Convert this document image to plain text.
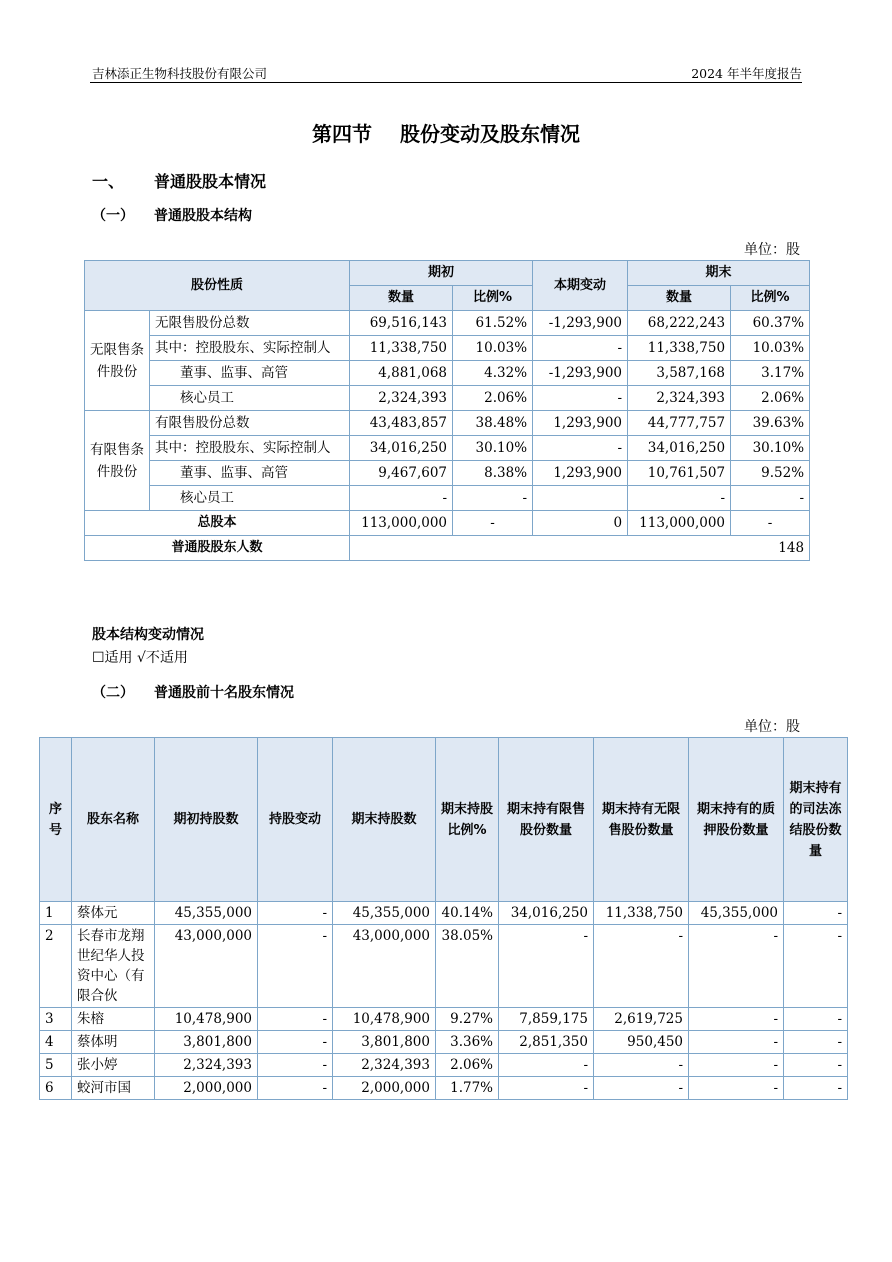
吉林添正生物科技股份有限公司	2024 年半年度报告
第四节 股份变动及股东情况
一、 普通股股本情况
（一） 普通股股本结构
单位：股
股份性质		期初		本期变动	期末	
		数量	比例%		数量	比例%
无限售条件股份	无限售股份总数	69,516,143	61.52%	-1,293,900	68,222,243	60.37%
	其中：控股股东、实际控制人	11,338,750	10.03%	-	11,338,750	10.03%
	董事、监事、高管	4,881,068	4.32%	-1,293,900	3,587,168	3.17%
	核心员工	2,324,393	2.06%	-	2,324,393	2.06%
有限售条件股份	有限售股份总数	43,483,857	38.48%	1,293,900	44,777,757	39.63%
	其中：控股股东、实际控制人	34,016,250	30.10%	-	34,016,250	30.10%
	董事、监事、高管	9,467,607	8.38%	1,293,900	10,761,507	9.52%
	核心员工	-	-		-	-
总股本		113,000,000	-	0	113,000,000	-
普通股股东人数		148				
股本结构变动情况
☐适用 √不适用
（二） 普通股前十名股东情况
单位：股
序号	股东名称	期初持股数	持股变动	期末持股数	期末持股比例%	期末持有限售股份数量	期末持有无限售股份数量	期末持有的质押股份数量	期末持有的司法冻结股份数量
1	蔡体元	45,355,000	-	45,355,000	40.14%	34,016,250	11,338,750	45,355,000	-
2	长春市龙翔世纪华人投资中心（有限合伙	43,000,000	-	43,000,000	38.05%	-	-	-	-
3	朱榕	10,478,900	-	10,478,900	9.27%	7,859,175	2,619,725	-	-
4	蔡体明	3,801,800	-	3,801,800	3.36%	2,851,350	950,450	-	-
5	张小婷	2,324,393	-	2,324,393	2.06%	-	-	-	-
6	蛟河市国	2,000,000	-	2,000,000	1.77%	-	-	-	-
